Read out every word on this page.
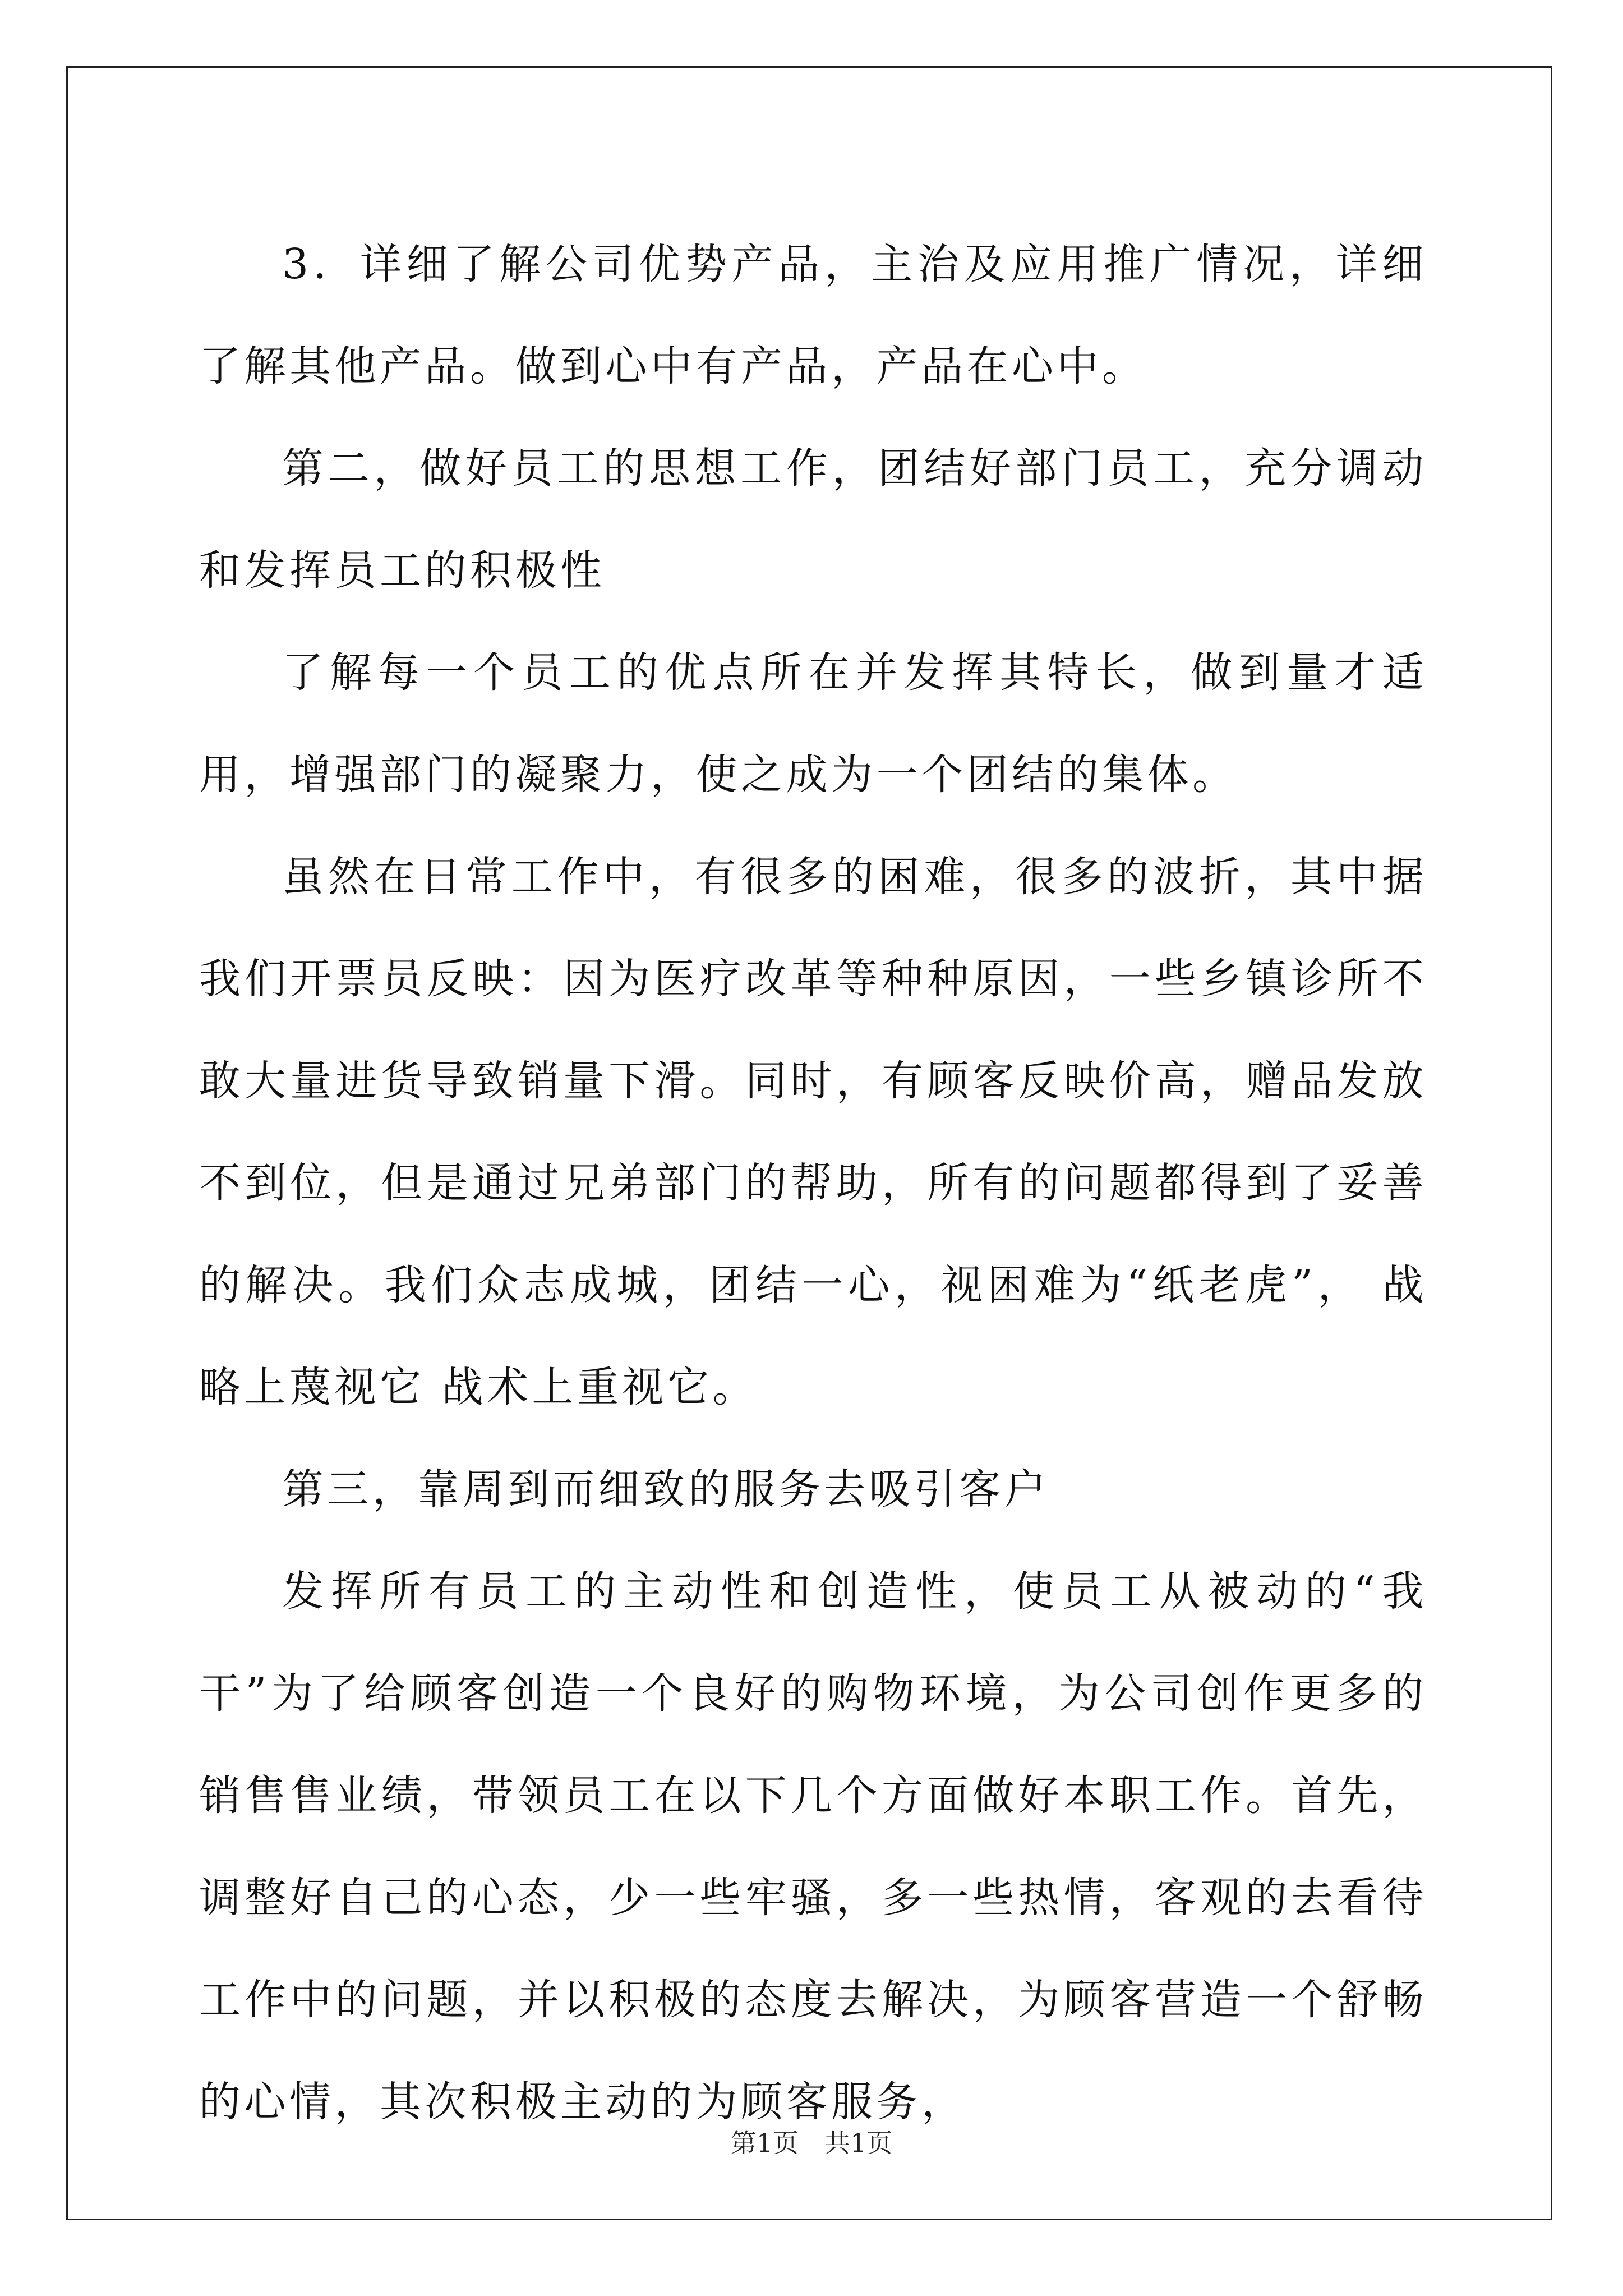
3．详细了解公司优势产品，主治及应用推广情况，详细了解其他产品。做到心中有产品，产品在心中。

第二，做好员工的思想工作，团结好部门员工，充分调动和发挥员工的积极性

了解每一个员工的优点所在并发挥其特长，做到量才适用，增强部门的凝聚力，使之成为一个团结的集体。

虽然在日常工作中，有很多的困难，很多的波折，其中据我们开票员反映：因为医疗改革等种种原因，一些乡镇诊所不敢大量进货导致销量下滑。同时，有顾客反映价高，赠品发放不到位，但是通过兄弟部门的帮助，所有的问题都得到了妥善的解决。我们众志成城，团结一心，视困难为“纸老虎”， 战略上蔑视它 战术上重视它。

第三，靠周到而细致的服务去吸引客户

发挥所有员工的主动性和创造性，使员工从被动的“我干”为了给顾客创造一个良好的购物环境，为公司创作更多的销售售业绩，带领员工在以下几个方面做好本职工作。首先，调整好自己的心态，少一些牢骚，多一些热情，客观的去看待工作中的问题，并以积极的态度去解决，为顾客营造一个舒畅的心情，其次积极主动的为顾客服务，

第1页　共1页
